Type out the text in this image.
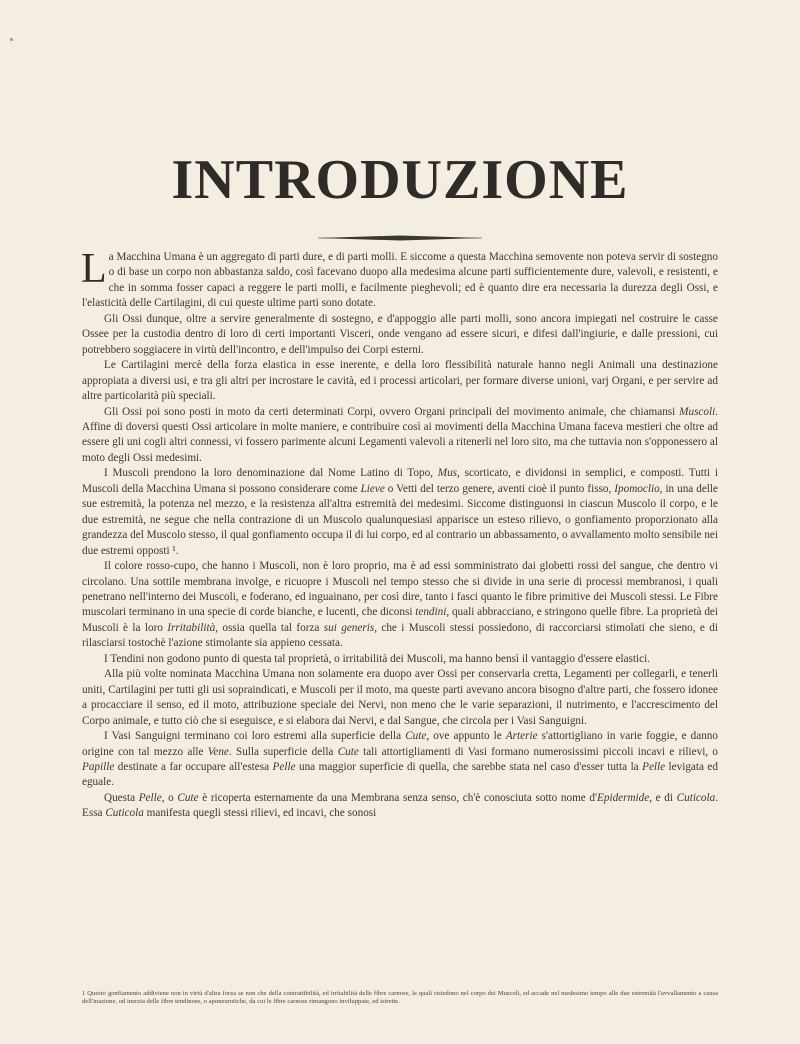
INTRODUZIONE

La Macchina Umana è un aggregato di parti dure, e di parti molli. E siccome a questa Macchina semovente non poteva servir di sostegno o di base un corpo non abbastanza saldo, così facevano duopo alla medesima alcune parti sufficientemente dure, valevoli, e resistenti, e che in somma fosser capaci a reggere le parti molli, e facilmente pieghevoli; ed è quanto dire era necessaria la durezza degli Ossi, e l'elasticità delle Cartilagini, di cui queste ultime parti sono dotate.

Gli Ossi dunque, oltre a servire generalmente di sostegno, e d'appoggio alle parti molli, sono ancora impiegati nel costruire le casse Ossee per la custodia dentro di loro di certi importanti Visceri, onde vengano ad essere sicuri, e difesi dall'ingiurie, e dalle pressioni, cui potrebbero soggiacere in virtù dell'incontro, e dell'impulso dei Corpi esterni.

Le Cartilagini mercè della forza elastica in esse inerente, e della loro flessibilità naturale hanno negli Animali una destinazione appropiata a diversi usi, e tra gli altri per incrostare le cavità, ed i processi articolari, per formare diverse unioni, varj Organi, e per servire ad altre particolarità più speciali.

Gli Ossi poi sono posti in moto da certi determinati Corpi, ovvero Organi principali del movimento animale, che chiamansi Muscoli. Affine di doversi questi Ossi articolare in molte maniere, e contribuire così ai movimenti della Macchina Umana faceva mestieri che oltre ad essere gli uni cogli altri connessi, vi fossero parimente alcuni Legamenti valevoli a ritenerli nel loro sito, ma che tuttavia non s'opponessero al moto degli Ossi medesimi.

I Muscoli prendono la loro denominazione dal Nome Latino di Topo, Mus, scorticato, e dividonsi in semplici, e composti. Tutti i Muscoli della Macchina Umana si possono considerare come Lieve o Vetti del terzo genere, aventi cioè il punto fisso, Ipomoclio, in una delle sue estremità, la potenza nel mezzo, e la resistenza all'altra estremità dei medesimi. Siccome distinguonsi in ciascun Muscolo il corpo, e le due estremità, ne segue che nella contrazione di un Muscolo qualunquesiasi apparisce un esteso rilievo, o gonfiamento proporzionato alla grandezza del Muscolo stesso, il qual gonfiamento occupa il di lui corpo, ed al contrario un abbassamento, o avvallamento molto sensibile nei due estremi opposti ¹.

Il colore rosso-cupo, che hanno i Muscoli, non è loro proprio, ma è ad essi somministrato dai globetti rossi del sangue, che dentro vi circolano. Una sottile membrana involge, e ricuopre i Muscoli nel tempo stesso che si divide in una serie di processi membranosi, i quali penetrano nell'interno dei Muscoli, e foderano, ed inguainano, per così dire, tanto i fasci quanto le fibre primitive dei Muscoli stessi. Le Fibre muscolari terminano in una specie di corde bianche, e lucenti, che diconsi tendini, quali abbracciano, e stringono quelle fibre. La proprietà dei Muscoli è la loro Irritabilità, ossia quella tal forza sui generis, che i Muscoli stessi possiedono, di raccorciarsi stimolati che sieno, e di rilasciarsi tostochè l'azione stimolante sia appieno cessata.

I Tendini non godono punto di questa tal proprietà, o irritabilità dei Muscoli, ma hanno bensì il vantaggio d'essere elastici.

Alla più volte nominata Macchina Umana non solamente era duopo aver Ossi per conservarla cretta, Legamenti per collegarli, e tenerli uniti, Cartilagini per tutti gli usi sopraindicati, e Muscoli per il moto, ma queste parti avevano ancora bisogno d'altre parti, che fossero idonee a procacciare il senso, ed il moto, attribuzione speciale dei Nervi, non meno che le varie separazioni, il nutrimento, e l'accrescimento del Corpo animale, e tutto ciò che si eseguisce, e si elabora dai Nervi, e dal Sangue, che circola per i Vasi Sanguigni.

I Vasi Sanguigni terminano coi loro estremi alla superficie della Cute, ove appunto le Arterie s'attortigliano in varie foggie, e danno origine con tal mezzo alle Vene. Sulla superficie della Cute tali attortigliamenti di Vasi formano numerosissimi piccoli incavi e rilievi, o Papille destinate a far occupare all'estesa Pelle una maggior superficie di quella, che sarebbe stata nel caso d'esser tutta la Pelle levigata ed eguale.

Questa Pelle, o Cute è ricoperta esternamente da una Membrana senza senso, ch'è conosciuta sotto nome d'Epidermide, e di Cuticola. Essa Cuticola manifesta quegli stessi rilievi, ed incavi, che sonosi

1 Questo gonfiamento addiviene non in virtù d'altra forza se non che della contrattibilità, ed irritabilità delle fibre carnose, le quali risiedono nel corpo dei Muscoli, ed accade nel medesimo tempo alle due estremità l'avvallamento a causa dell'inazione, od inerzia delle fibre tendinose, o aponeurotiche, da cui le fibre carnose rimangono inviluppate, ed istrette.
